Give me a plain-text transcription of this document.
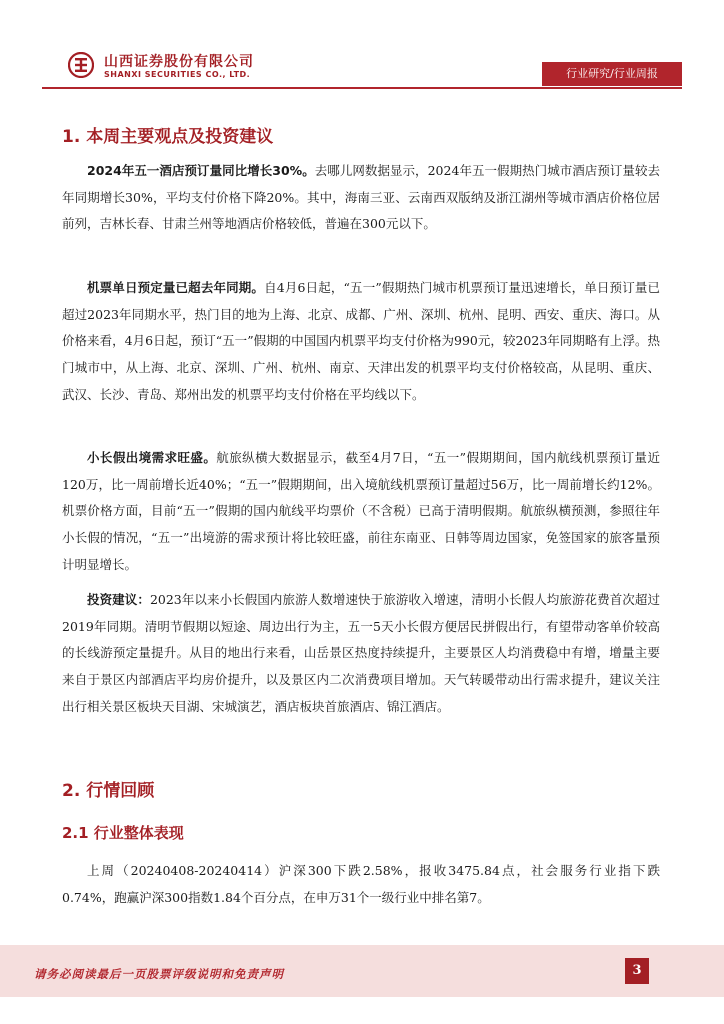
山西证券股份有限公司
SHANXI SECURITIES CO., LTD.	行业研究/行业周报
1. 本周主要观点及投资建议

2024年五一酒店预订量同比增长30%。去哪儿网数据显示，2024年五一假期热门城市酒店预订量较去年同期增长30%，平均支付价格下降20%。其中，海南三亚、云南西双版纳及浙江湖州等城市酒店价格位居前列，吉林长春、甘肃兰州等地酒店价格较低，普遍在300元以下。

机票单日预定量已超去年同期。自4月6日起，“五一”假期热门城市机票预订量迅速增长，单日预订量已超过2023年同期水平，热门目的地为上海、北京、成都、广州、深圳、杭州、昆明、西安、重庆、海口。从价格来看，4月6日起，预订“五一”假期的中国国内机票平均支付价格为990元，较2023年同期略有上浮。热门城市中，从上海、北京、深圳、广州、杭州、南京、天津出发的机票平均支付价格较高，从昆明、重庆、武汉、长沙、青岛、郑州出发的机票平均支付价格在平均线以下。

小长假出境需求旺盛。航旅纵横大数据显示，截至4月7日，“五一”假期期间，国内航线机票预订量近120万，比一周前增长近40%；“五一”假期期间，出入境航线机票预订量超过56万，比一周前增长约12%。机票价格方面，目前“五一”假期的国内航线平均票价（不含税）已高于清明假期。航旅纵横预测，参照往年小长假的情况，“五一”出境游的需求预计将比较旺盛，前往东南亚、日韩等周边国家，免签国家的旅客量预计明显增长。

投资建议：2023年以来小长假国内旅游人数增速快于旅游收入增速，清明小长假人均旅游花费首次超过2019年同期。清明节假期以短途、周边出行为主，五一5天小长假方便居民拼假出行，有望带动客单价较高的长线游预定量提升。从目的地出行来看，山岳景区热度持续提升，主要景区人均消费稳中有增，增量主要来自于景区内部酒店平均房价提升，以及景区内二次消费项目增加。天气转暖带动出行需求提升，建议关注出行相关景区板块天目湖、宋城演艺，酒店板块首旅酒店、锦江酒店。

2. 行情回顾
2.1 行业整体表现

上周（20240408-20240414）沪深300下跌2.58%，报收3475.84点，社会服务行业指下跌0.74%，跑赢沪深300指数1.84个百分点，在申万31个一级行业中排名第7。

请务必阅读最后一页股票评级说明和免责声明	3
